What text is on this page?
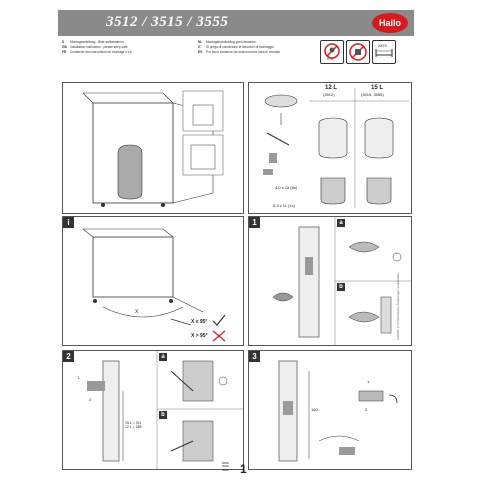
3512 / 3515 / 3555	Hailo
D Montageanleitung - Bitte aufbewahren
GB Installation instruction - please keep safe
FR Conserver les instructions de montage s.v.p.
NL Montagehandleiding goed bewaren
IT Si prega di conservare le istruzioni di montaggio
ES Por favor conserve las instrucciones para el montaje
0-3
≥870
12 L
(3512)
15 L
(3515, 3555)
4,0 x 15 (8x)
6,3 x 11 (1x)
i
X
X ≤ 95°
X > 95°
1	a
b
2	a
b
1.
2.
15 L = 311
12 L = 285
3
1.
2.
160
0000
0000
0000 1
11062/1.17 ® Technische Änderungen vorbehalten
